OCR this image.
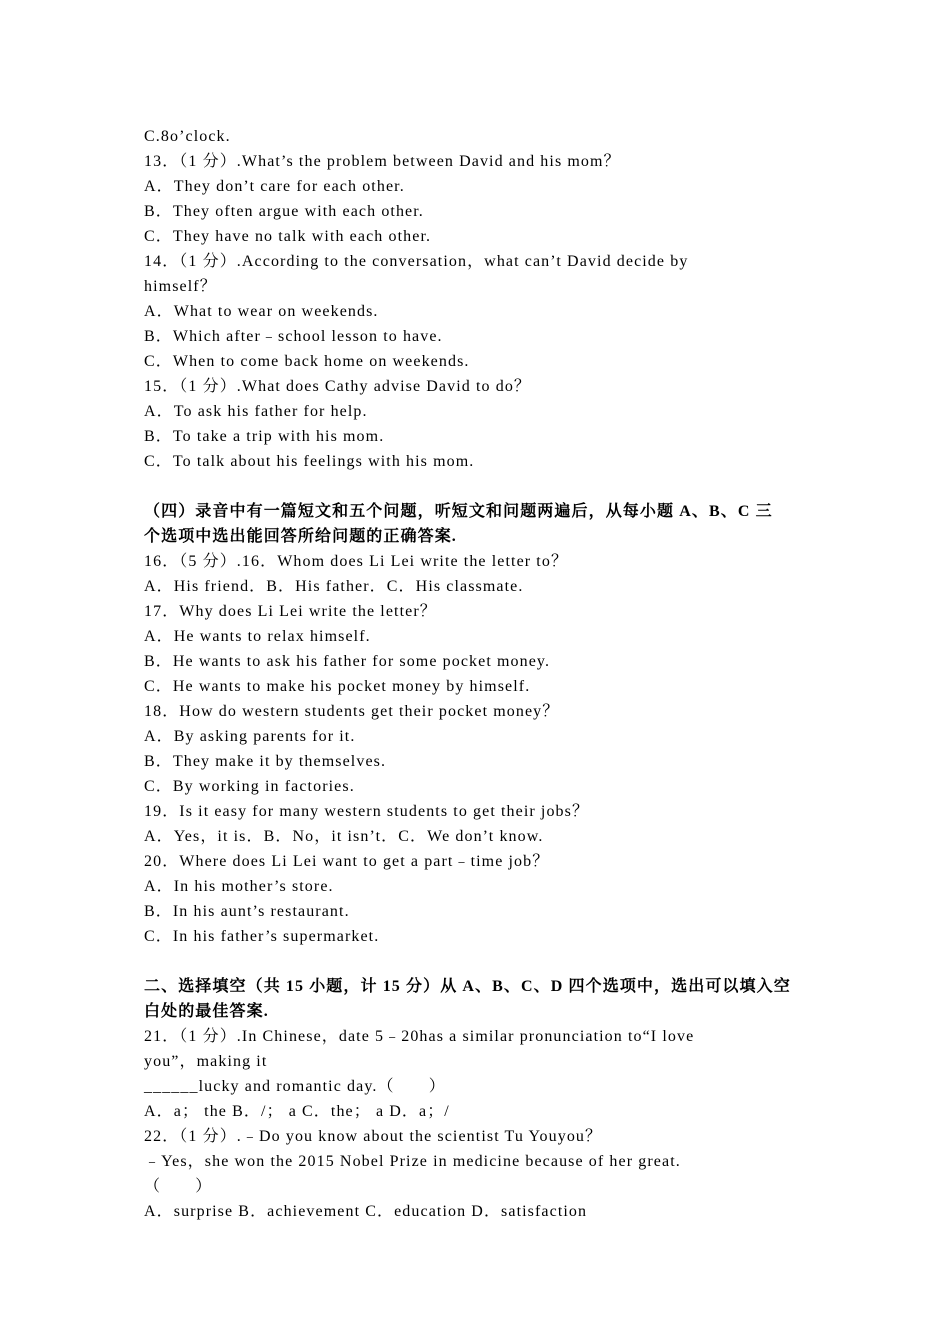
C.8o’clock.
13．（1 分）.What’s the problem between David and his mom？
A．They don’t care for each other.
B．They often argue with each other.
C．They have no talk with each other.
14．（1 分）.According to the conversation，what can’t David decide by
himself？
A．What to wear on weekends.
B．Which after﹣school lesson to have.
C．When to come back home on weekends.
15．（1 分）.What does Cathy advise David to do？
A．To ask his father for help.
B．To take a trip with his mom.
C．To talk about his feelings with his mom.
（四）录音中有一篇短文和五个问题，听短文和问题两遍后，从每小题 A、B、C 三
个选项中选出能回答所给问题的正确答案.
16．（5 分）.16．Whom does Li Lei write the letter to？
A．His friend．B．His father．C．His classmate.
17．Why does Li Lei write the letter？
A．He wants to relax himself.
B．He wants to ask his father for some pocket money.
C．He wants to make his pocket money by himself.
18．How do western students get their pocket money？
A．By asking parents for it.
B．They make it by themselves.
C．By working in factories.
19．Is it easy for many western students to get their jobs？
A．Yes，it is．B．No，it isn’t．C．We don’t know.
20．Where does Li Lei want to get a part﹣time job？
A．In his mother’s store.
B．In his aunt’s restaurant.
C．In his father’s supermarket.
二、选择填空（共 15 小题，计 15 分）从 A、B、C、D 四个选项中，选出可以填入空
白处的最佳答案.
21．（1 分）.In Chinese，date 5﹣20has a similar pronunciation to“I love
you”，making it
______lucky and romantic day.（　　）
A．a； the B．/； a C．the； a D．a；/
22．（1 分）.﹣Do you know about the scientist Tu Youyou？
﹣Yes，she won the 2015 Nobel Prize in medicine because of her great.
（　　）
A．surprise B．achievement C．education D．satisfaction
